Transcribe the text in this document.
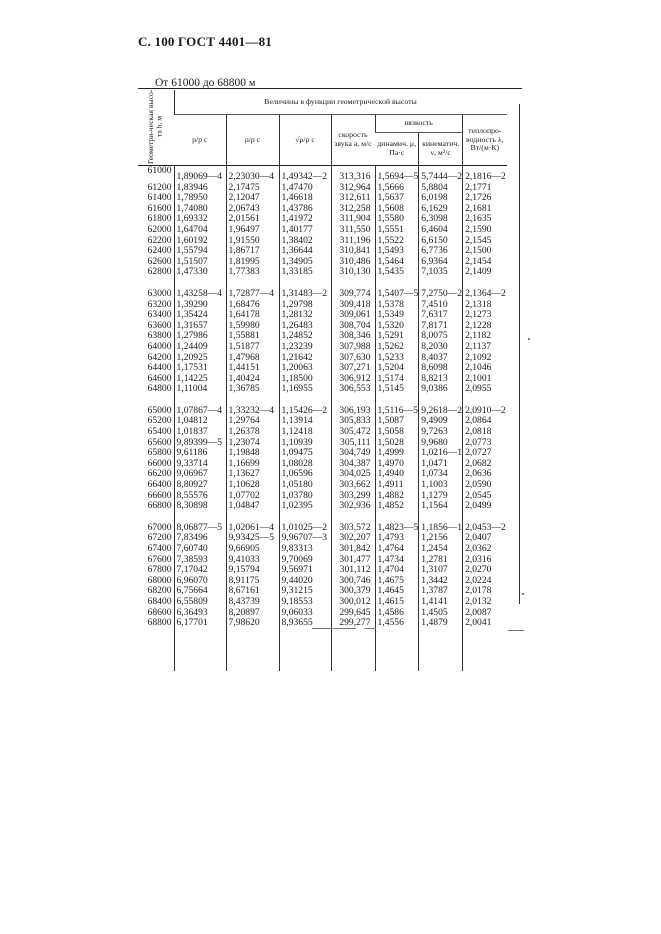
С. 100 ГОСТ 4401—81
От 61000 до 68800 м
Геометри-ческая высо-та h, м	Величины в функции геометрической высоты						
	p/p с	ρ/ρ с	√ρ/ρ с	скорость звука a, м/с	вязкость		теплопро-водность λ, Вт/(м·К)
					динамич. μ, Па·с	кинематич. ν, м²/с	
61000	1,89069—4	2,23030—4	1,49342—2	313,316	1,5694—5	5,7444—2	2,1816—2
61200	1,83946	2,17475	1,47470	312,964	1,5666	5,8804	2,1771
61400	1,78950	2,12047	1,46618	312,611	1,5637	6,0198	2,1726
61600	1,74080	2,06743	1,43786	312,258	1,5608	6,1629	2,1681
61800	1,69332	2,01561	1,41972	311,904	1,5580	6,3098	2,1635
62000	1,64704	1,96497	1,40177	311,550	1,5551	6,4604	2,1590
62200	1,60192	1,91550	1,38402	311,196	1,5522	6,6150	2,1545
62400	1,55794	1,86717	1,36644	310,841	1,5493	6,7736	2,1500
62600	1,51507	1,81995	1,34905	310,486	1,5464	6,9364	2,1454
62800	1,47330	1,77383	1,33185	310,130	1,5435	7,1035	2,1409

63000	1,43258—4	1,72877—4	1,31483—2	309,774	1,5407—5	7,2750—2	2,1364—2
63200	1,39290	1,68476	1,29798	309,418	1,5378	7,4510	2,1318
63400	1,35424	1,64178	1,28132	309,061	1,5349	7,6317	2,1273
63600	1,31657	1,59980	1,26483	308,704	1,5320	7,8171	2,1228
63800	1,27986	1,55881	1,24852	308,346	1,5291	8,0075	2,1182
64000	1,24409	1,51877	1,23239	307,988	1,5262	8,2030	2,1137
64200	1,20925	1,47968	1,21642	307,630	1,5233	8,4037	2,1092
64400	1,17531	1,44151	1,20063	307,271	1,5204	8,6098	2,1046
64600	1,14225	1,40424	1,18500	306,912	1,5174	8,8213	2,1001
64800	1,11004	1,36785	1,16955	306,553	1,5145	9,0386	2,0955

65000	1,07867—4	1,33232—4	1,15426—2	306,193	1,5116—5	9,2618—2	2,0910—2
65200	1,04812	1,29764	1,13914	305,833	1,5087	9,4909	2,0864
65400	1,01837	1,26378	1,12418	305,472	1,5058	9,7263	2,0818
65600	9,89399—5	1,23074	1,10939	305,111	1,5028	9,9680	2,0773
65800	9,61186	1,19848	1,09475	304,749	1,4999	1,0216—1	2,0727
66000	9,33714	1,16699	1,08028	304,387	1,4970	1,0471	2,0682
66200	9,06967	1,13627	1,06596	304,025	1,4940	1,0734	2,0636
66400	8,80927	1,10628	1,05180	303,662	1,4911	1,1003	2,0590
66600	8,55576	1,07702	1,03780	303,299	1,4882	1,1279	2,0545
66800	8,30898	1,04847	1,02395	302,936	1,4852	1,1564	2,0499

67000	8,06877—5	1,02061—4	1,01025—2	303,572	1,4823—5	1,1856—1	2,0453—2
67200	7,83496	9,93425—5	9,96707—3	302,207	1,4793	1,2156	2,0407
67400	7,60740	9,66905	9,83313	301,842	1,4764	1,2454	2,0362
67600	7,38593	9,41033	9,70069	301,477	1,4734	1,2781	2,0316
67800	7,17042	9,15794	9,56971	301,112	1,4704	1,3107	2,0270
68000	6,96070	8,91175	9,44020	300,746	1,4675	1,3442	2,0224
68200	6,75664	8,67161	9,31215	300,379	1,4645	1,3787	2,0178
68400	6,55809	8,43739	9,18553	300,012	1,4615	1,4141	2,0132
68600	6,36493	8,20897	9,06033	299,645	1,4586	1,4505	2,0087
68800	6,17701	7,98620	8,93655	299,277	1,4556	1,4879	2,0041
